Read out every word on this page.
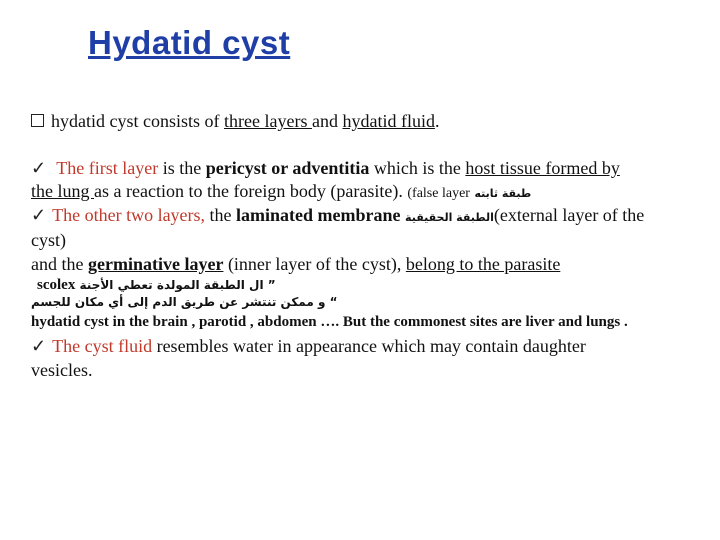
Hydatid cyst
hydatid cyst consists of three layers and hydatid fluid.
✓ The first layer is the pericyst or adventitia which is the host tissue formed by
the lung as a reaction to the foreign body (parasite). (false layer طبقة ثابته
✓ The other two layers, the laminated membrane الطبقة الحقيقية(external layer of the
cyst)
and the germinative layer (inner layer of the cyst), belong to the parasite
scolex ” ال الطبقة المولدة تعطي الأجنة
“ و ممكن تنتشر عن طريق الدم إلى أي مكان للجسم
hydatid cyst in the brain , parotid , abdomen …. But the commonest sites are liver and lungs .
✓ The cyst fluid resembles water in appearance which may contain daughter
vesicles.
